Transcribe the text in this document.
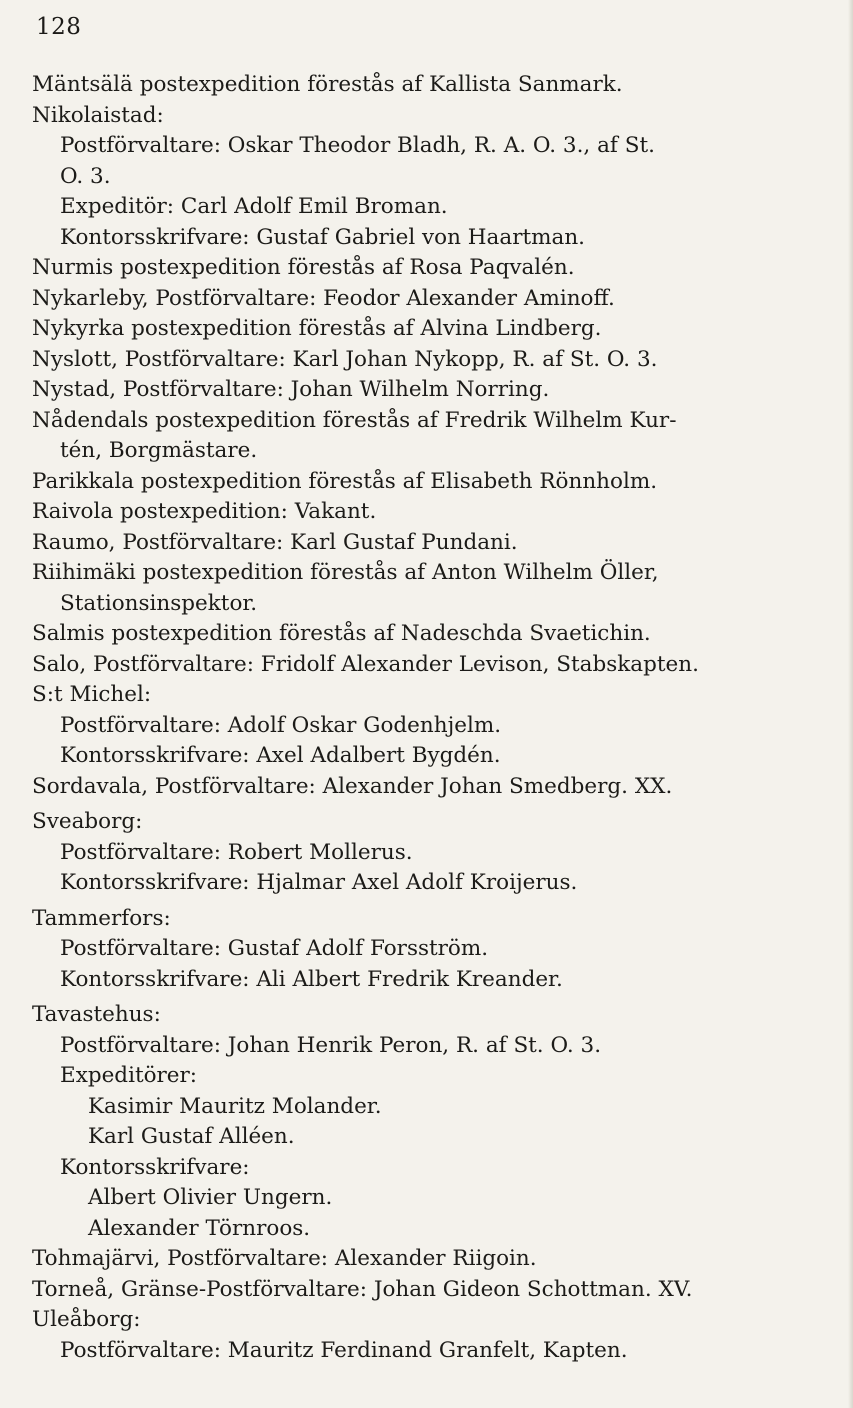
128
Mäntsälä postexpedition förestås af Kallista Sanmark.
Nikolaistad:
Postförvaltare: Oskar Theodor Bladh, R. A. O. 3., af St.
O. 3.
Expeditör: Carl Adolf Emil Broman.
Kontorsskrifvare: Gustaf Gabriel von Haartman.
Nurmis postexpedition förestås af Rosa Paqvalén.
Nykarleby, Postförvaltare: Feodor Alexander Aminoff.
Nykyrka postexpedition förestås af Alvina Lindberg.
Nyslott, Postförvaltare: Karl Johan Nykopp, R. af St. O. 3.
Nystad, Postförvaltare: Johan Wilhelm Norring.
Nådendals postexpedition förestås af Fredrik Wilhelm Kur-
tén, Borgmästare.
Parikkala postexpedition förestås af Elisabeth Rönnholm.
Raivola postexpedition: Vakant.
Raumo, Postförvaltare: Karl Gustaf Pundani.
Riihimäki postexpedition förestås af Anton Wilhelm Öller,
Stationsinspektor.
Salmis postexpedition förestås af Nadeschda Svaetichin.
Salo, Postförvaltare: Fridolf Alexander Levison, Stabskapten.
S:t Michel:
Postförvaltare: Adolf Oskar Godenhjelm.
Kontorsskrifvare: Axel Adalbert Bygdén.
Sordavala, Postförvaltare: Alexander Johan Smedberg. XX.
Sveaborg:
Postförvaltare: Robert Mollerus.
Kontorsskrifvare: Hjalmar Axel Adolf Kroijerus.
Tammerfors:
Postförvaltare: Gustaf Adolf Forsström.
Kontorsskrifvare: Ali Albert Fredrik Kreander.
Tavastehus:
Postförvaltare: Johan Henrik Peron, R. af St. O. 3.
Expeditörer:
Kasimir Mauritz Molander.
Karl Gustaf Alléen.
Kontorsskrifvare:
Albert Olivier Ungern.
Alexander Törnroos.
Tohmajärvi, Postförvaltare: Alexander Riigoin.
Torneå, Gränse-Postförvaltare: Johan Gideon Schottman. XV.
Uleåborg:
Postförvaltare: Mauritz Ferdinand Granfelt, Kapten.
